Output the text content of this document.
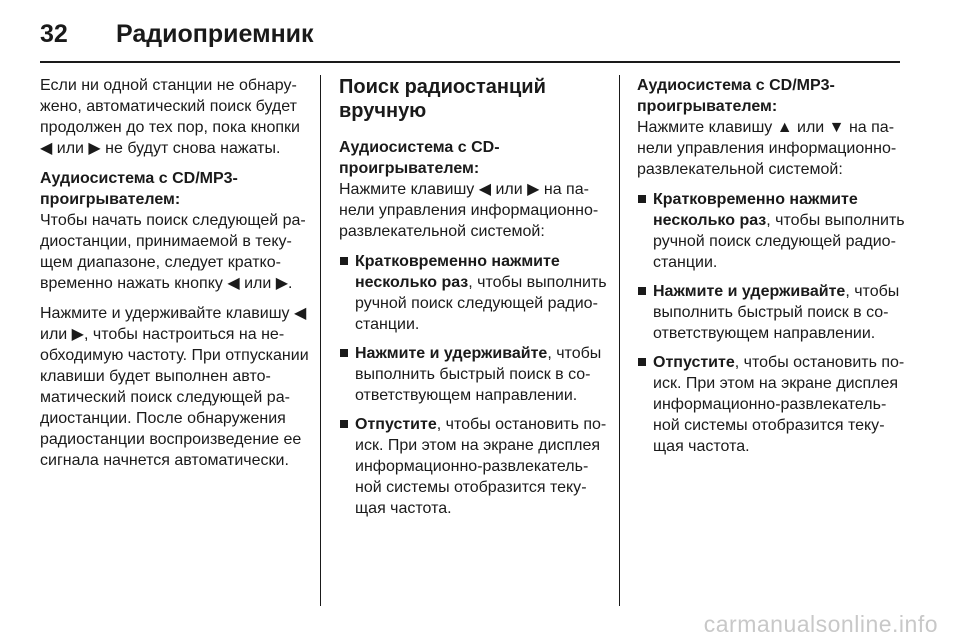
32	Радиоприемник

Если ни одной станции не обнаружено, автоматический поиск будет продолжен до тех пор, пока кнопки ◀ или ▶ не будут снова нажаты.

Аудиосистема с CD/MP3-проигрывателем:

Чтобы начать поиск следующей радиостанции, принимаемой в текущем диапазоне, следует кратковременно нажать кнопку ◀ или ▶.

Нажмите и удерживайте клавишу ◀ или ▶, чтобы настроиться на необходимую частоту. При отпускании клавиши будет выполнен автоматический поиск следующей радиостанции. После обнаружения радиостанции воспроизведение ее сигнала начнется автоматически.

Поиск радиостанций вручную

Аудиосистема с CD-проигрывателем:

Нажмите клавишу ◀ или ▶ на панели управления информационно-развлекательной системой:

Кратковременно нажмите несколько раз, чтобы выполнить ручной поиск следующей радиостанции.
Нажмите и удерживайте, чтобы выполнить быстрый поиск в соответствующем направлении.
Отпустите, чтобы остановить поиск. При этом на экране дисплея информационно-развлекательной системы отобразится текущая частота.

Аудиосистема с CD/MP3-проигрывателем:

Нажмите клавишу ▲ или ▼ на панели управления информационно-развлекательной системой:

Кратковременно нажмите несколько раз, чтобы выполнить ручной поиск следующей радиостанции.
Нажмите и удерживайте, чтобы выполнить быстрый поиск в соответствующем направлении.
Отпустите, чтобы остановить поиск. При этом на экране дисплея информационно-развлекательной системы отобразится текущая частота.
carmanualsonline.info
